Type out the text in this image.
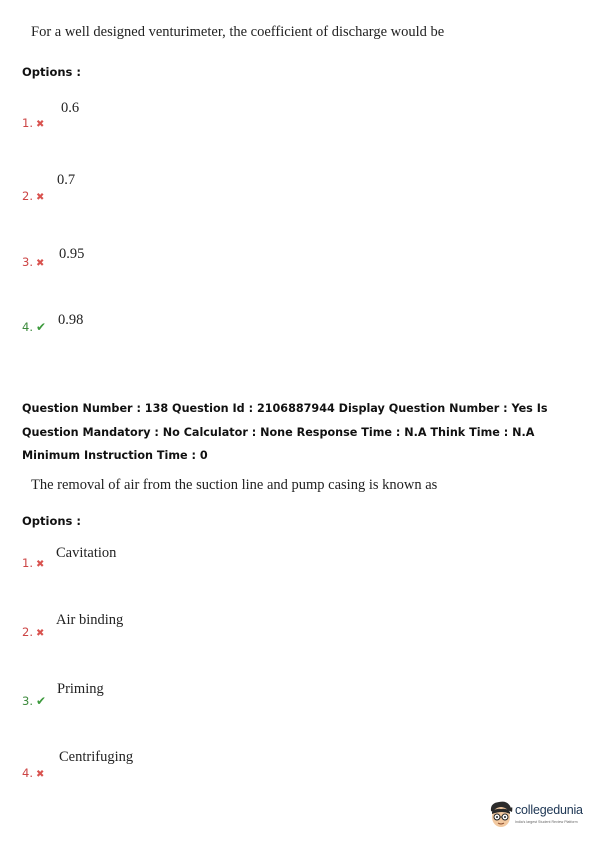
For a well designed venturimeter, the coefficient of discharge would be
Options :
0.6
1. ✖
0.7
2. ✖
0.95
3. ✖
0.98
4. ✔
Question Number : 138 Question Id : 2106887944 Display Question Number : Yes Is Question Mandatory : No Calculator : None Response Time : N.A Think Time : N.A Minimum Instruction Time : 0
The removal of air from the suction line and pump casing is known as
Options :
Cavitation
1. ✖
Air binding
2. ✖
Priming
3. ✔
Centrifuging
4. ✖
collegedunia
India's largest Student Review Platform
